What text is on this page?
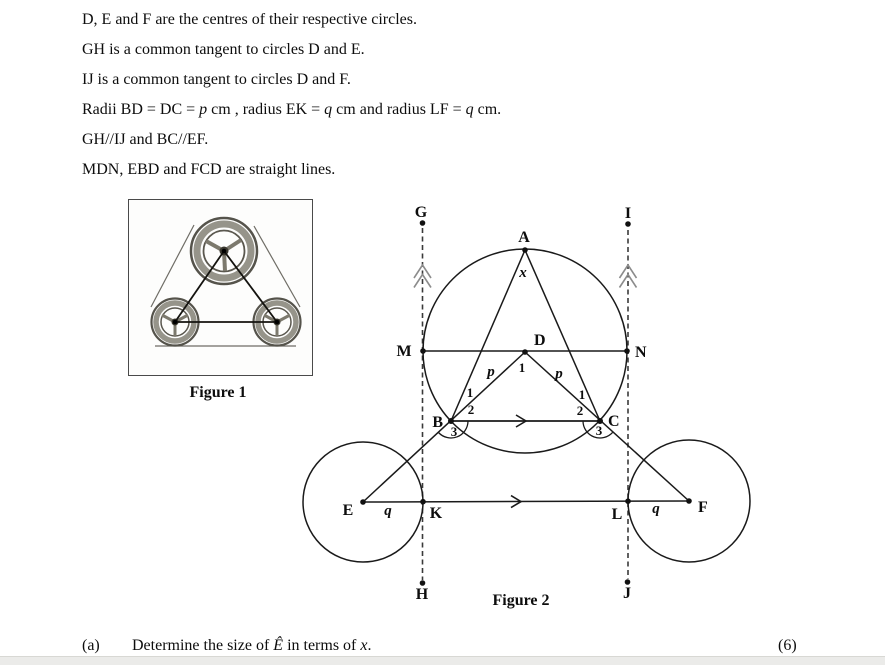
D, E and F are the centres of their respective circles.
GH is a common tangent to circles D and E.
IJ is a common tangent to circles D and F.
Radii BD = DC = p cm , radius EK = q cm and radius LF = q cm.
GH//IJ and BC//EF.
MDN, EBD and FCD are straight lines.
Figure 1
G	I
A
M
D
N
B	C
E	K	L	F
H	J
x
1
1
2
3
1
2
3
p	p
q	q
Figure 2
(a) Determine the size of Ê in terms of x.	(6)
